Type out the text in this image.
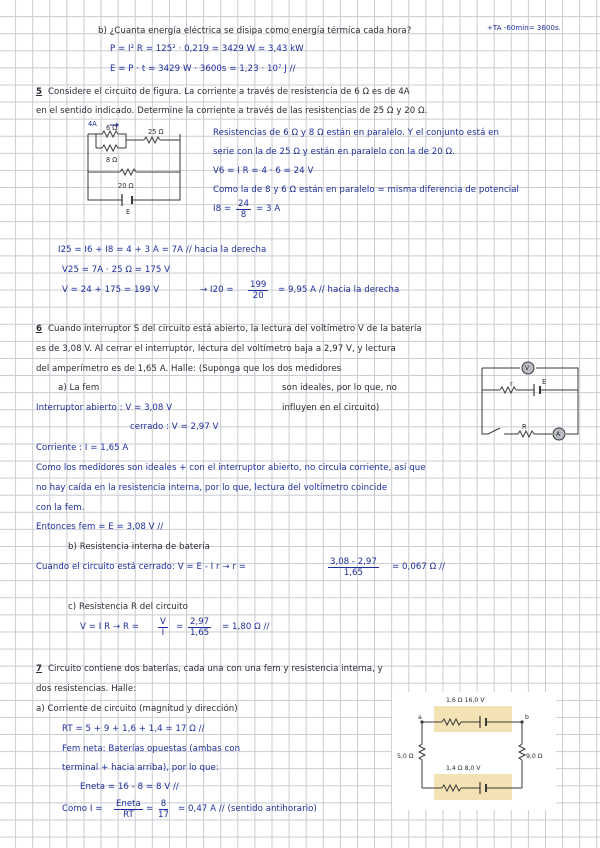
+TA -60min= 3600s.
b) ¿Cuanta energía eléctrica se disipa como energía térmica cada hora?
P = I² R = 125² · 0,219 = 3429 W = 3,43 kW
E = P · t = 3429 W · 3600s = 1,23 · 10⁷ J //
5 Considere el circuito de figura. La corriente a través de resistencia de 6 Ω es de 4A
en el sentido indicado. Determine la corriente a través de las resistencias de 25 Ω y 20 Ω.
4A 6 Ω	25 Ω
8 Ω
20 Ω
E
Resistencias de 6 Ω y 8 Ω están en paralelo. Y el conjunto está en
serie con la de 25 Ω y están en paralelo con la de 20 Ω.
V6 = I R = 4 · 6 = 24 V
Como la de 8 y 6 Ω están en paralelo = misma diferencia de potencial
$I8 = \frac{24}{8} = 3$ A
I25 = I6 + I8 = 4 + 3 A = 7A // hacia la derecha
V25 = 7A · 25 Ω = 175 V
V = 24 + 175 = 199 V	→ $I20 = \frac{199}{20} = 9,95$ A // hacia la derecha
6 Cuando interruptor S del circuito está abierto, la lectura del voltímetro V de la batería
es de 3,08 V. Al cerrar el interruptor, lectura del voltímetro baja a 2,97 V, y lectura
del amperímetro es de 1,65 A. Halle: (Suponga que los dos medidores
a) La fem	son ideales, por lo que, no
influyen en el circuito)
Interruptor abierto : V = 3,08 V
cerrado : V = 2,97 V
Corriente : I = 1,65 A
Como los medidores son ideales + con el interruptor abierto, no circula corriente, así que
no hay caída en la resistencia interna, por lo que, lectura del voltímetro coincide
con la fem.
Entonces fem = E = 3,08 V //
V
A
r	E
R
b) Resistencia interna de batería
Cuando el circuito está cerrado: V = E - I r → r =	$\frac{3,08 - 2,97}{1,65} = 0,067$ Ω //
c) Resistencia R del circuito
V = I $R \to R = \frac{V}{I} = \frac{2,97}{1,65} = 1,80$ Ω //
7 Circuito contiene dos baterías, cada una con una fem y resistencia interna, y
dos resistencias. Halle:
a) Corriente de circuito (magnitud y dirección)
RT = 5 + 9 + 1,6 + 1,4 = 17 Ω //
Fem neta: Baterías opuestas (ambas con
terminal + hacia arriba), por lo que:
Eneta = 16 - 8 = 8 V //
Como I = Eneta
RT
= $\frac{8}{17} = 0,47$ A // (sentido antihorario)
1,6 Ω 16,0 V
1,4 Ω 8,0 V
5,0 Ω	9,0 Ω
a	b
